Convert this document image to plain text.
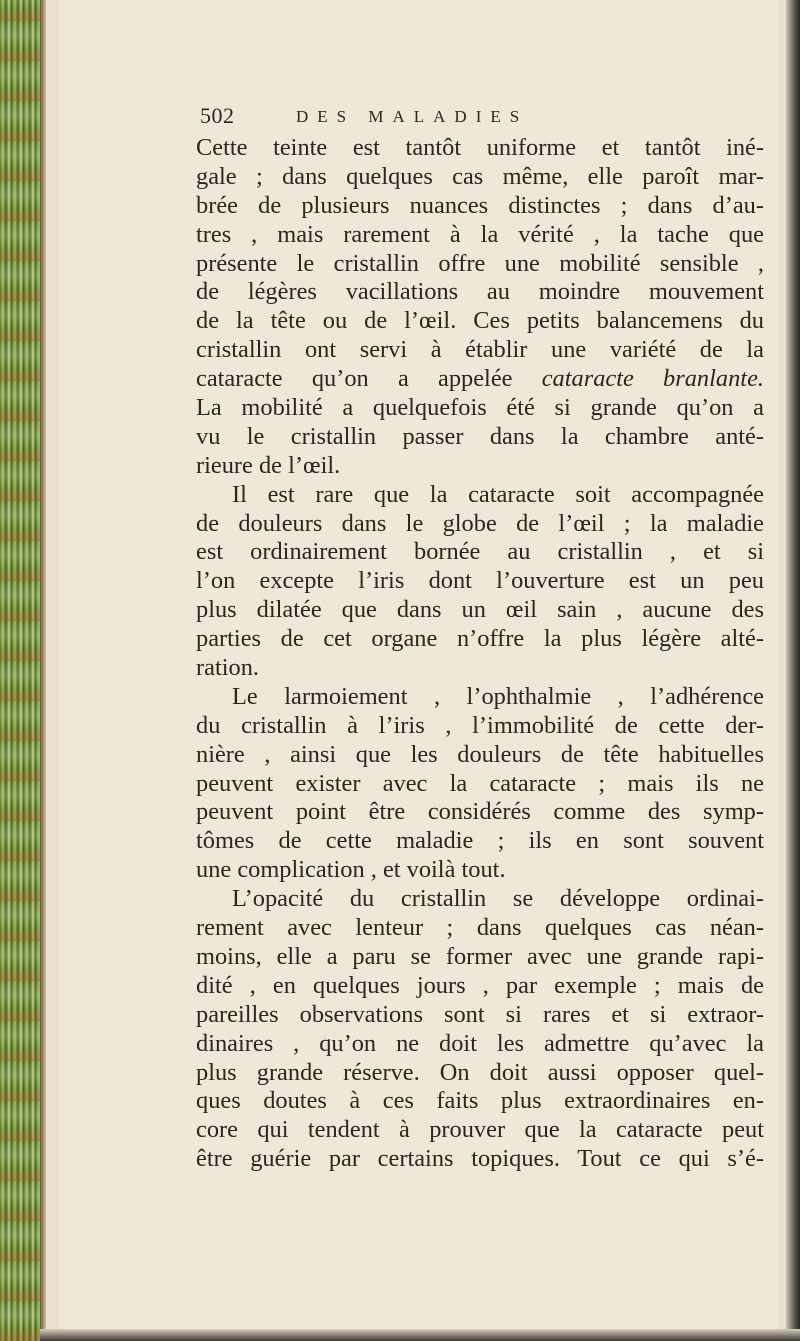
502	DES MALADIES
Cette teinte est tantôt uniforme et tantôt iné-
gale ; dans quelques cas même, elle paroît mar-
brée de plusieurs nuances distinctes ; dans d’au-
tres , mais rarement à la vérité , la tache que
présente le cristallin offre une mobilité sensible ,
de légères vacillations au moindre mouvement
de la tête ou de l’œil. Ces petits balancemens du
cristallin ont servi à établir une variété de la
cataracte qu’on a appelée cataracte branlante.
La mobilité a quelquefois été si grande qu’on a
vu le cristallin passer dans la chambre anté-
rieure de l’œil.
Il est rare que la cataracte soit accompagnée
de douleurs dans le globe de l’œil ; la maladie
est ordinairement bornée au cristallin , et si
l’on excepte l’iris dont l’ouverture est un peu
plus dilatée que dans un œil sain , aucune des
parties de cet organe n’offre la plus légère alté-
ration.
Le larmoiement , l’ophthalmie , l’adhérence
du cristallin à l’iris , l’immobilité de cette der-
nière , ainsi que les douleurs de tête habituelles
peuvent exister avec la cataracte ; mais ils ne
peuvent point être considérés comme des symp-
tômes de cette maladie ; ils en sont souvent
une complication , et voilà tout.
L’opacité du cristallin se développe ordinai-
rement avec lenteur ; dans quelques cas néan-
moins, elle a paru se former avec une grande rapi-
dité , en quelques jours , par exemple ; mais de
pareilles observations sont si rares et si extraor-
dinaires , qu’on ne doit les admettre qu’avec la
plus grande réserve. On doit aussi opposer quel-
ques doutes à ces faits plus extraordinaires en-
core qui tendent à prouver que la cataracte peut
être guérie par certains topiques. Tout ce qui s’é-
